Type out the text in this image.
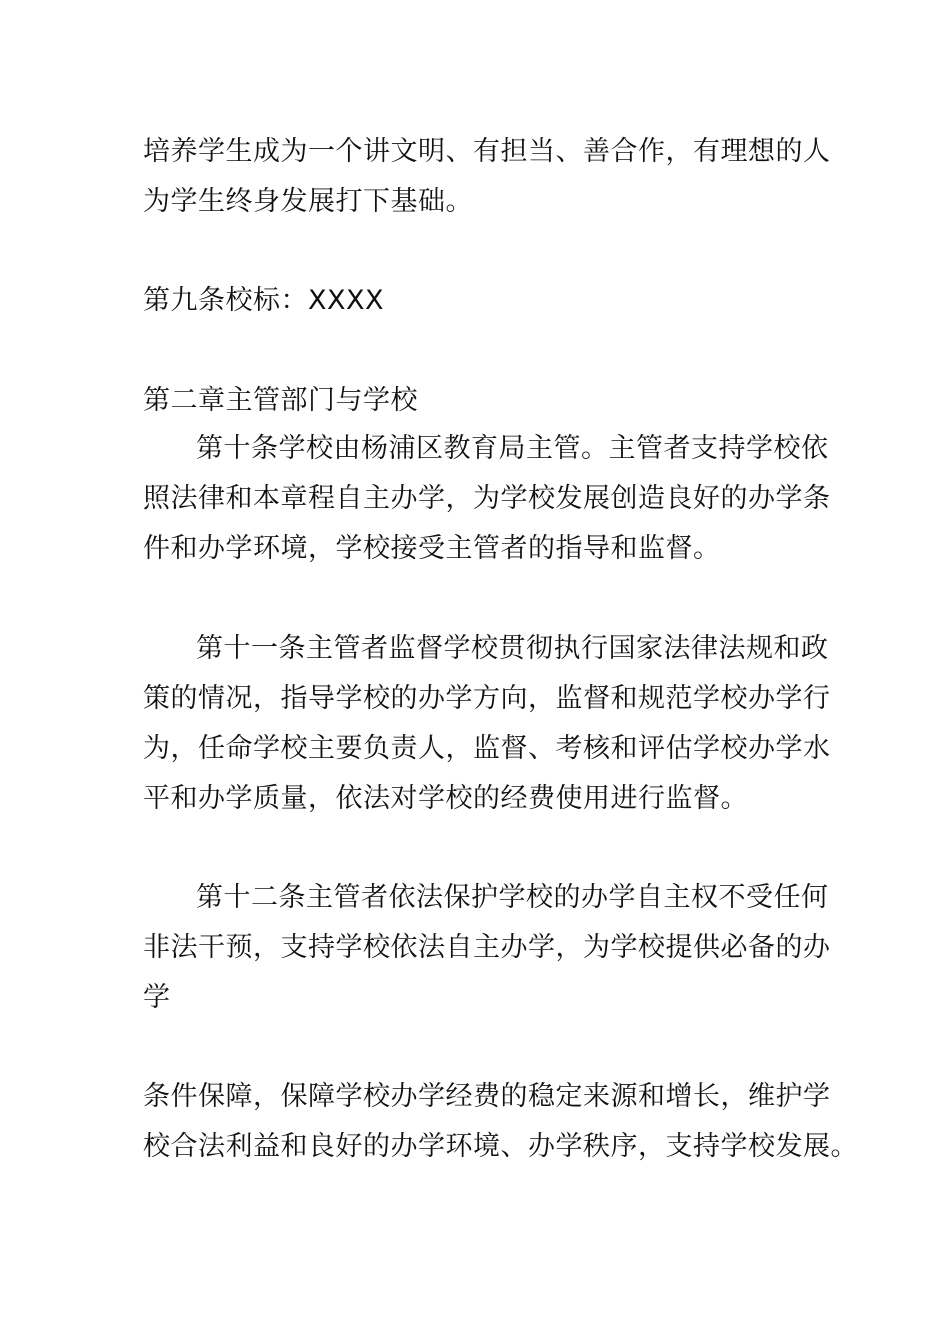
培养学生成为一个讲文明、有担当、善合作，有理想的人
为学生终身发展打下基础。
第九条校标：XXXX
第二章主管部门与学校
第十条学校由杨浦区教育局主管。主管者支持学校依
照法律和本章程自主办学，为学校发展创造良好的办学条
件和办学环境，学校接受主管者的指导和监督。
第十一条主管者监督学校贯彻执行国家法律法规和政
策的情况，指导学校的办学方向，监督和规范学校办学行
为，任命学校主要负责人，监督、考核和评估学校办学水
平和办学质量，依法对学校的经费使用进行监督。
第十二条主管者依法保护学校的办学自主权不受任何
非法干预，支持学校依法自主办学，为学校提供必备的办
学
条件保障，保障学校办学经费的稳定来源和增长，维护学
校合法利益和良好的办学环境、办学秩序，支持学校发展。
